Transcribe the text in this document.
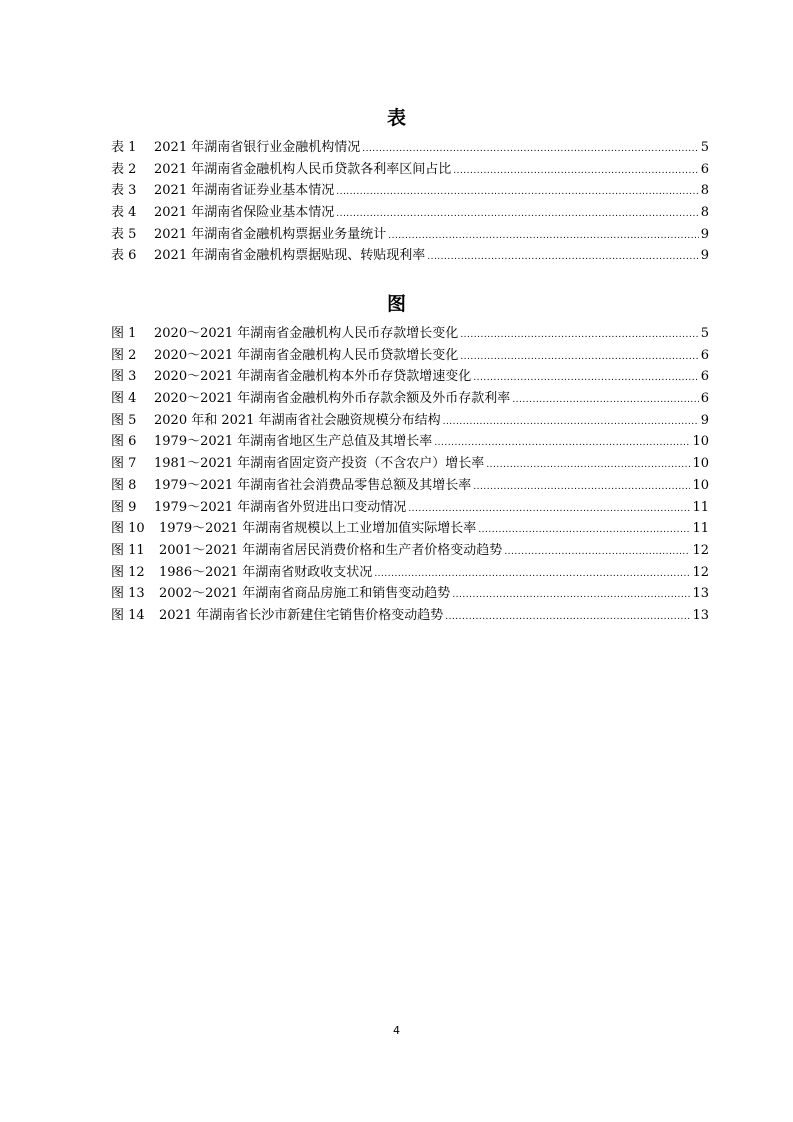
表
表 1	2021 年湖南省银行业金融机构情况 .....	5
表 2	2021 年湖南省金融机构人民币贷款各利率区间占比 .....	6
表 3	2021 年湖南省证券业基本情况 .....	8
表 4	2021 年湖南省保险业基本情况 .....	8
表 5	2021 年湖南省金融机构票据业务量统计 .....	9
表 6	2021 年湖南省金融机构票据贴现、转贴现利率 .....	9
图
图 1	2020～2021 年湖南省金融机构人民币存款增长变化 .....	5
图 2	2020～2021 年湖南省金融机构人民币贷款增长变化 .....	6
图 3	2020～2021 年湖南省金融机构本外币存贷款增速变化 .....	6
图 4	2020～2021 年湖南省金融机构外币存款余额及外币存款利率 .....	6
图 5	2020 年和 2021 年湖南省社会融资规模分布结构 .....	9
图 6	1979～2021 年湖南省地区生产总值及其增长率 .....	10
图 7	1981～2021 年湖南省固定资产投资（不含农户）增长率 .....	10
图 8	1979～2021 年湖南省社会消费品零售总额及其增长率 .....	10
图 9	1979～2021 年湖南省外贸进出口变动情况 .....	11
图 10	1979～2021 年湖南省规模以上工业增加值实际增长率 .....	11
图 11	2001～2021 年湖南省居民消费价格和生产者价格变动趋势 .....	12
图 12	1986～2021 年湖南省财政收支状况 .....	12
图 13	2002～2021 年湖南省商品房施工和销售变动趋势 .....	13
图 14	2021 年湖南省长沙市新建住宅销售价格变动趋势 .....	13
4
